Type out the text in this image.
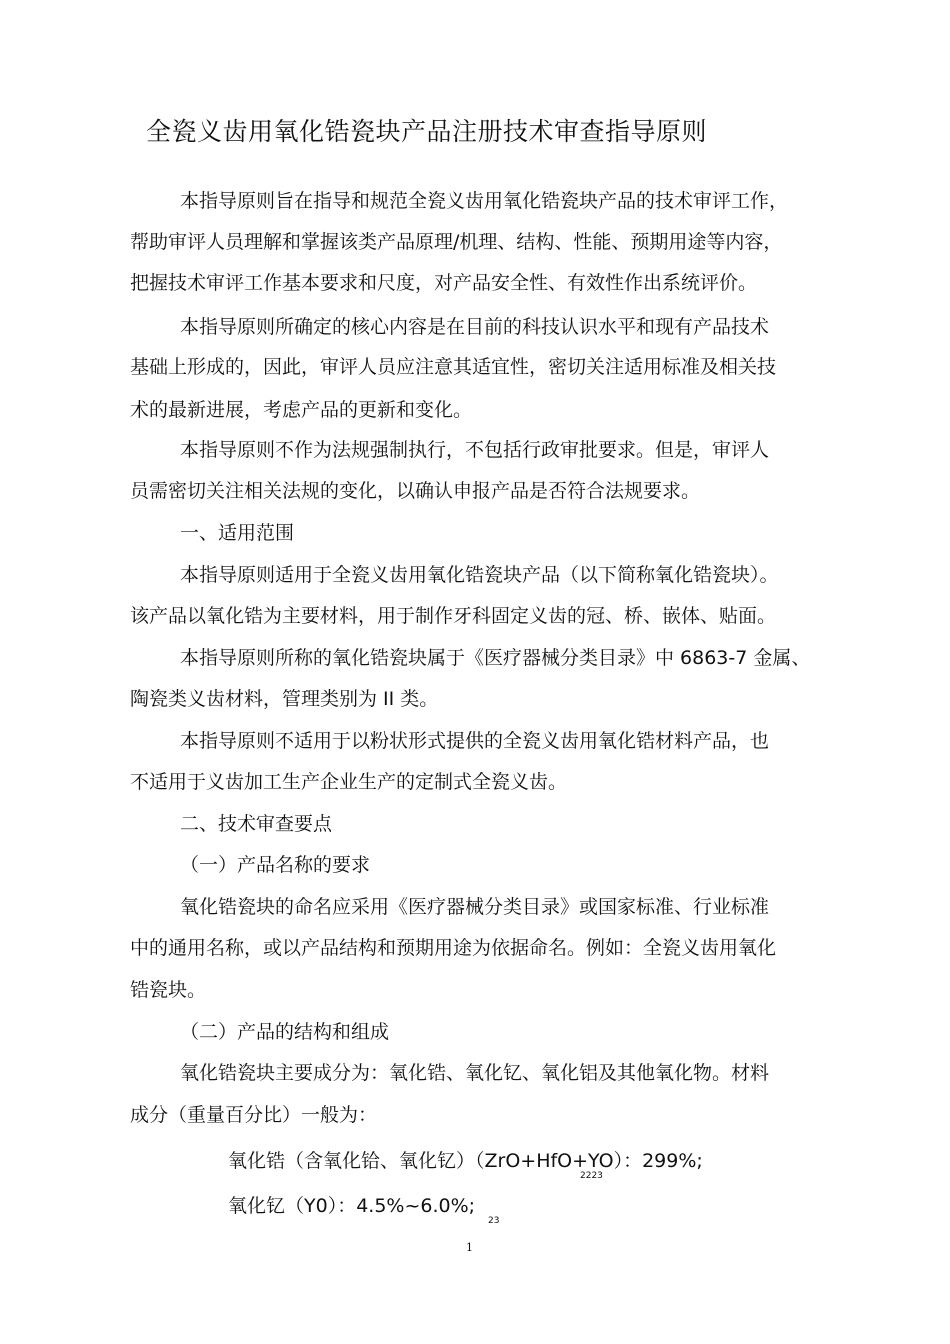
全瓷义齿用氧化锆瓷块产品注册技术审查指导原则
本指导原则旨在指导和规范全瓷义齿用氧化锆瓷块产品的技术审评工作，
帮助审评人员理解和掌握该类产品原理/机理、结构、性能、预期用途等内容，
把握技术审评工作基本要求和尺度，对产品安全性、有效性作出系统评价。
本指导原则所确定的核心内容是在目前的科技认识水平和现有产品技术
基础上形成的，因此，审评人员应注意其适宜性，密切关注适用标准及相关技
术的最新进展，考虑产品的更新和变化。
本指导原则不作为法规强制执行，不包括行政审批要求。但是，审评人
员需密切关注相关法规的变化，以确认申报产品是否符合法规要求。
一、适用范围
本指导原则适用于全瓷义齿用氧化锆瓷块产品（以下简称氧化锆瓷块）。
该产品以氧化锆为主要材料，用于制作牙科固定义齿的冠、桥、嵌体、贴面。
本指导原则所称的氧化锆瓷块属于《医疗器械分类目录》中 6863-7 金属、
陶瓷类义齿材料，管理类别为 II 类。
本指导原则不适用于以粉状形式提供的全瓷义齿用氧化锆材料产品，也
不适用于义齿加工生产企业生产的定制式全瓷义齿。
二、技术审查要点
（一）产品名称的要求
氧化锆瓷块的命名应采用《医疗器械分类目录》或国家标准、行业标准
中的通用名称，或以产品结构和预期用途为依据命名。例如：全瓷义齿用氧化
锆瓷块。
（二）产品的结构和组成
氧化锆瓷块主要成分为：氧化锆、氧化钇、氧化铝及其他氧化物。材料
成分（重量百分比）一般为：
氧化锆（含氧化铪、氧化钇）（ZrO+HfO+YO）：299%;
2223
氧化钇（Y0）：4.5%~6.0%;
23
1
